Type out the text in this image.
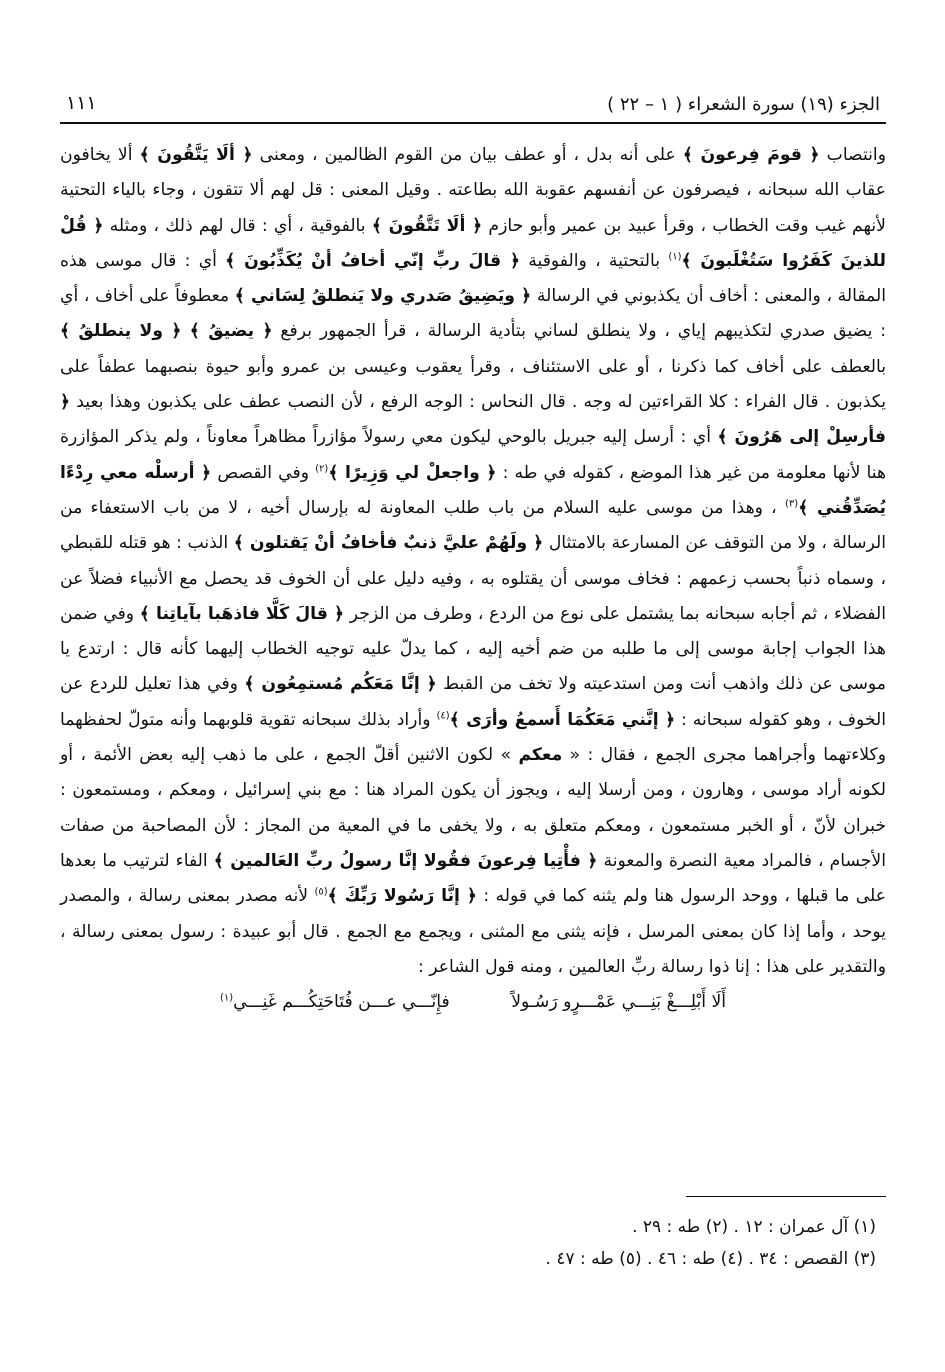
الجزء (١٩) سورة الشعراء ( ١ – ٢٢ )
١١١

وانتصاب ﴿ قومَ فِرعونَ ﴾ على أنه بدل ، أو عطف بيان من القوم الظالمين ، ومعنى ﴿ ألَا يَتَّقُونَ ﴾ ألا يخافون عقاب الله سبحانه ، فيصرفون عن أنفسهم عقوبة الله بطاعته . وقيل المعنى : قل لهم ألا تتقون ، وجاء بالياء التحتية لأنهم غيب وقت الخطاب ، وقرأ عبيد بن عمير وأبو حازم ﴿ ألَا تَتَّقُونَ ﴾ بالفوقية ، أي : قال لهم ذلك ، ومثله ﴿ قُلْ للذينَ كَفَرُوا سَتُغْلَبونَ ﴾$^{(١)}$ بالتحتية ، والفوقية ﴿ قالَ ربِّ إنّي أخافُ أنْ يُكَذِّبُونَ ﴾ أي : قال موسى هذه المقالة ، والمعنى : أخاف أن يكذبوني في الرسالة ﴿ ويَضِيقُ صَدري ولا يَنطلقُ لِسَاني ﴾ معطوفاً على أخاف ، أي : يضيق صدري لتكذيبهم إياي ، ولا ينطلق لساني بتأدية الرسالة ، قرأ الجمهور برفع ﴿ يضيقُ ﴾ ﴿ ولا ينطلقُ ﴾ بالعطف على أخاف كما ذكرنا ، أو على الاستئناف ، وقرأ يعقوب وعيسى بن عمرو وأبو حيوة بنصبهما عطفاً على يكذبون . قال الفراء : كلا القراءتين له وجه . قال النحاس : الوجه الرفع ، لأن النصب عطف على يكذبون وهذا بعيد ﴿ فأرسِلْ إلى هَرُونَ ﴾ أي : أرسل إليه جبريل بالوحي ليكون معي رسولاً مؤازراً مظاهراً معاوناً ، ولم يذكر المؤازرة هنا لأنها معلومة من غير هذا الموضع ، كقوله في طه : ﴿ واجعلْ لي وَزِيرًا ﴾$^{(٢)}$ وفي القصص ﴿ أرسلْه معي رِدْءًا يُصَدِّقُني ﴾$^{(٣)}$ ، وهذا من موسى عليه السلام من باب طلب المعاونة له بإرسال أخيه ، لا من باب الاستعفاء من الرسالة ، ولا من التوقف عن المسارعة بالامتثال ﴿ ولَهُمْ عليَّ ذنبٌ فأخافُ أنْ يَقتلون ﴾ الذنب : هو قتله للقبطي ، وسماه ذنباً بحسب زعمهم : فخاف موسى أن يقتلوه به ، وفيه دليل على أن الخوف قد يحصل مع الأنبياء فضلاً عن الفضلاء ، ثم أجابه سبحانه بما يشتمل على نوع من الردع ، وطرف من الزجر ﴿ قالَ كَلَّا فاذهَبا بآياتِنا ﴾ وفي ضمن هذا الجواب إجابة موسى إلى ما طلبه من ضم أخيه إليه ، كما يدلّ عليه توجيه الخطاب إليهما كأنه قال : ارتدع يا موسى عن ذلك واذهب أنت ومن استدعيته ولا تخف من القبط ﴿ إنَّا مَعَكُم مُستمِعُون ﴾ وفي هذا تعليل للردع عن الخوف ، وهو كقوله سبحانه : ﴿ إنَّني مَعَكُمَا أَسمعُ وأرَى ﴾$^{(٤)}$ وأراد بذلك سبحانه تقوية قلوبهما وأنه متولّ لحفظهما وكلاءتهما وأجراهما مجرى الجمع ، فقال : « معكم » لكون الاثنين أقلّ الجمع ، على ما ذهب إليه بعض الأئمة ، أو لكونه أراد موسى ، وهارون ، ومن أرسلا إليه ، ويجوز أن يكون المراد هنا : مع بني إسرائيل ، ومعكم ، ومستمعون : خبران لأنّ ، أو الخبر مستمعون ، ومعكم متعلق به ، ولا يخفى ما في المعية من المجاز : لأن المصاحبة من صفات الأجسام ، فالمراد معية النصرة والمعونة ﴿ فأْتِيا فِرعونَ فقُولا إنَّا رسولُ ربِّ العَالمين ﴾ الفاء لترتيب ما بعدها على ما قبلها ، ووحد الرسول هنا ولم يثنه كما في قوله : ﴿ إنَّا رَسُولا رَبِّكَ ﴾$^{(٥)}$ لأنه مصدر بمعنى رسالة ، والمصدر يوحد ، وأما إذا كان بمعنى المرسل ، فإنه يثنى مع المثنى ، ويجمع مع الجمع . قال أبو عبيدة : رسول بمعنى رسالة ، والتقدير على هذا : إنا ذوا رسالة ربِّ العالمين ، ومنه قول الشاعر :

أَلَا أَبْلِـــغْ بَنِـــي عَمْـــرٍو رَسُـولاً فإِنّـــي عـــن فُتَاحَتِكُـــم غَنِـــي$^{(١)}$
(١) آل عمران : ١٢ . (٢) طه : ٢٩ .
(٣) القصص : ٣٤ . (٤) طه : ٤٦ . (٥) طه : ٤٧ .
